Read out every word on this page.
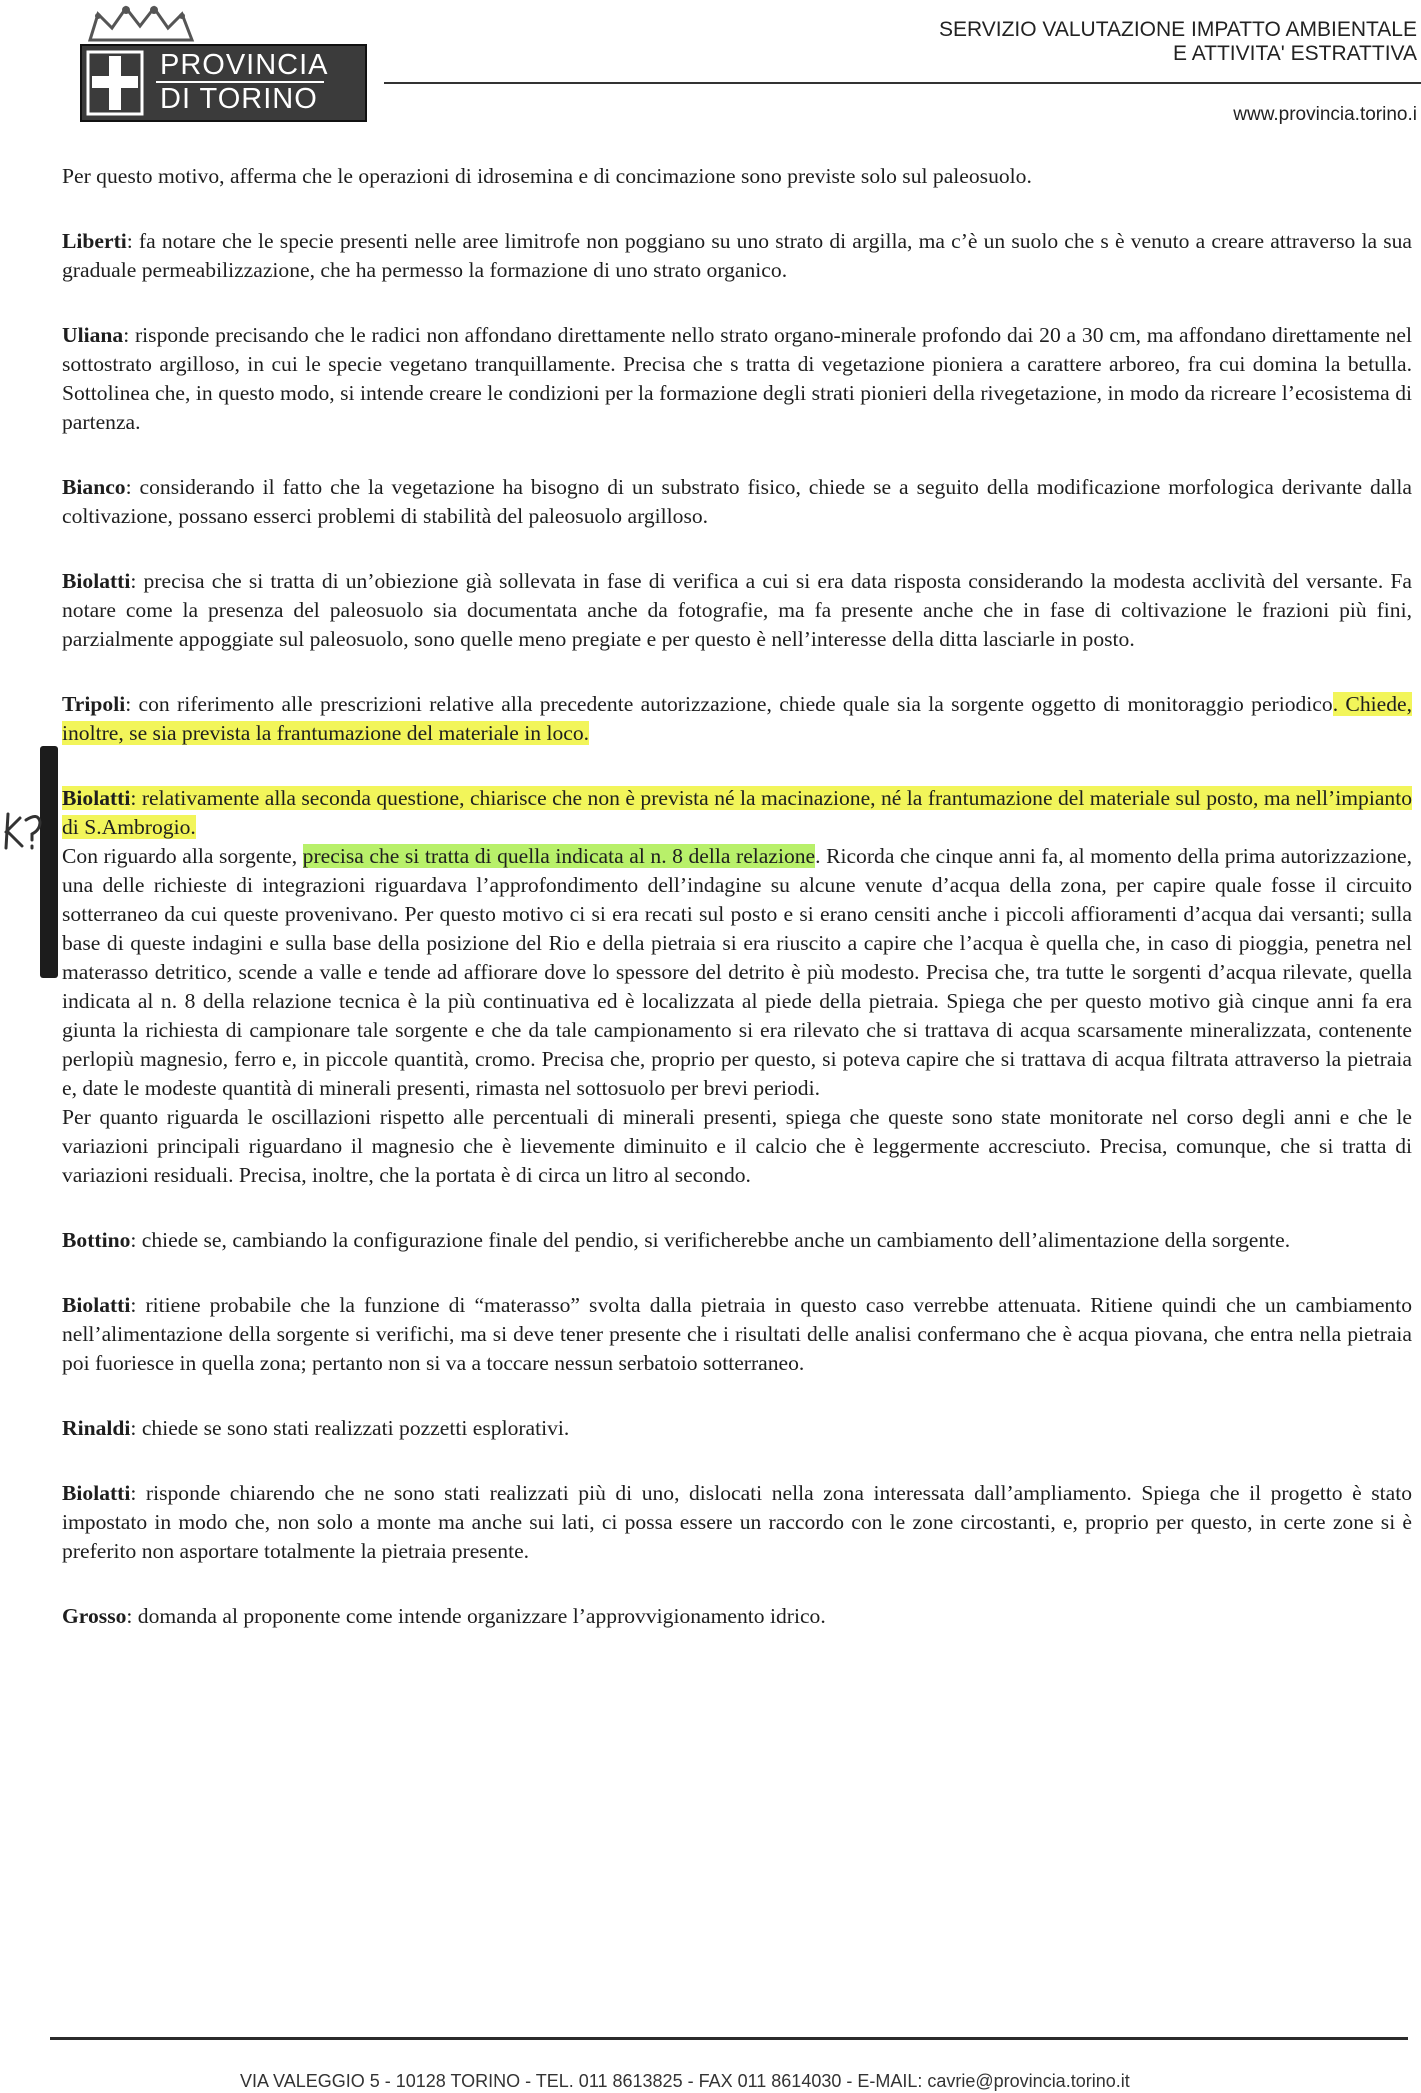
PROVINCIA
DI TORINO
SERVIZIO VALUTAZIONE IMPATTO AMBIENTALE
E ATTIVITA' ESTRATTIVA
www.provincia.torino.i

Per questo motivo, afferma che le operazioni di idrosemina e di concimazione sono previste solo sul paleosuolo.

Liberti: fa notare che le specie presenti nelle aree limitrofe non poggiano su uno strato di argilla, ma c’è un suolo che s è venuto a creare attraverso la sua graduale permeabilizzazione, che ha permesso la formazione di uno strato organico.

Uliana: risponde precisando che le radici non affondano direttamente nello strato organo-minerale profondo dai 20 a 30 cm, ma affondano direttamente nel sottostrato argilloso, in cui le specie vegetano tranquillamente. Precisa che s tratta di vegetazione pioniera a carattere arboreo, fra cui domina la betulla. Sottolinea che, in questo modo, si intende creare le condizioni per la formazione degli strati pionieri della rivegetazione, in modo da ricreare l’ecosistema di partenza.

Bianco: considerando il fatto che la vegetazione ha bisogno di un substrato fisico, chiede se a seguito della modificazione morfologica derivante dalla coltivazione, possano esserci problemi di stabilità del paleosuolo argilloso.

Biolatti: precisa che si tratta di un’obiezione già sollevata in fase di verifica a cui si era data risposta considerando la modesta acclività del versante. Fa notare come la presenza del paleosuolo sia documentata anche da fotografie, ma fa presente anche che in fase di coltivazione le frazioni più fini, parzialmente appoggiate sul paleosuolo, sono quelle meno pregiate e per questo è nell’interesse della ditta lasciarle in posto.

Tripoli: con riferimento alle prescrizioni relative alla precedente autorizzazione, chiede quale sia la sorgente oggetto di monitoraggio periodico. Chiede, inoltre, se sia prevista la frantumazione del materiale in loco.

Biolatti: relativamente alla seconda questione, chiarisce che non è prevista né la macinazione, né la frantumazione del materiale sul posto, ma nell’impianto di S.Ambrogio.

Con riguardo alla sorgente, precisa che si tratta di quella indicata al n. 8 della relazione. Ricorda che cinque anni fa, al momento della prima autorizzazione, una delle richieste di integrazioni riguardava l’approfondimento dell’indagine su alcune venute d’acqua della zona, per capire quale fosse il circuito sotterraneo da cui queste provenivano. Per questo motivo ci si era recati sul posto e si erano censiti anche i piccoli affioramenti d’acqua dai versanti; sulla base di queste indagini e sulla base della posizione del Rio e della pietraia si era riuscito a capire che l’acqua è quella che, in caso di pioggia, penetra nel materasso detritico, scende a valle e tende ad affiorare dove lo spessore del detrito è più modesto. Precisa che, tra tutte le sorgenti d’acqua rilevate, quella indicata al n. 8 della relazione tecnica è la più continuativa ed è localizzata al piede della pietraia. Spiega che per questo motivo già cinque anni fa era giunta la richiesta di campionare tale sorgente e che da tale campionamento si era rilevato che si trattava di acqua scarsamente mineralizzata, contenente perlopiù magnesio, ferro e, in piccole quantità, cromo. Precisa che, proprio per questo, si poteva capire che si trattava di acqua filtrata attraverso la pietraia e, date le modeste quantità di minerali presenti, rimasta nel sottosuolo per brevi periodi.
Per quanto riguarda le oscillazioni rispetto alle percentuali di minerali presenti, spiega che queste sono state monitorate nel corso degli anni e che le variazioni principali riguardano il magnesio che è lievemente diminuito e il calcio che è leggermente accresciuto. Precisa, comunque, che si tratta di variazioni residuali. Precisa, inoltre, che la portata è di circa un litro al secondo.

Bottino: chiede se, cambiando la configurazione finale del pendio, si verificherebbe anche un cambiamento dell’alimentazione della sorgente.

Biolatti: ritiene probabile che la funzione di “materasso” svolta dalla pietraia in questo caso verrebbe attenuata. Ritiene quindi che un cambiamento nell’alimentazione della sorgente si verifichi, ma si deve tener presente che i risultati delle analisi confermano che è acqua piovana, che entra nella pietraia poi fuoriesce in quella zona; pertanto non si va a toccare nessun serbatoio sotterraneo.

Rinaldi: chiede se sono stati realizzati pozzetti esplorativi.

Biolatti: risponde chiarendo che ne sono stati realizzati più di uno, dislocati nella zona interessata dall’ampliamento. Spiega che il progetto è stato impostato in modo che, non solo a monte ma anche sui lati, ci possa essere un raccordo con le zone circostanti, e, proprio per questo, in certe zone si è preferito non asportare totalmente la pietraia presente.

Grosso: domanda al proponente come intende organizzare l’approvvigionamento idrico.

VIA VALEGGIO 5 - 10128 TORINO - TEL. 011 8613825 - FAX 011 8614030 - E-MAIL: cavrie@provincia.torino.it
